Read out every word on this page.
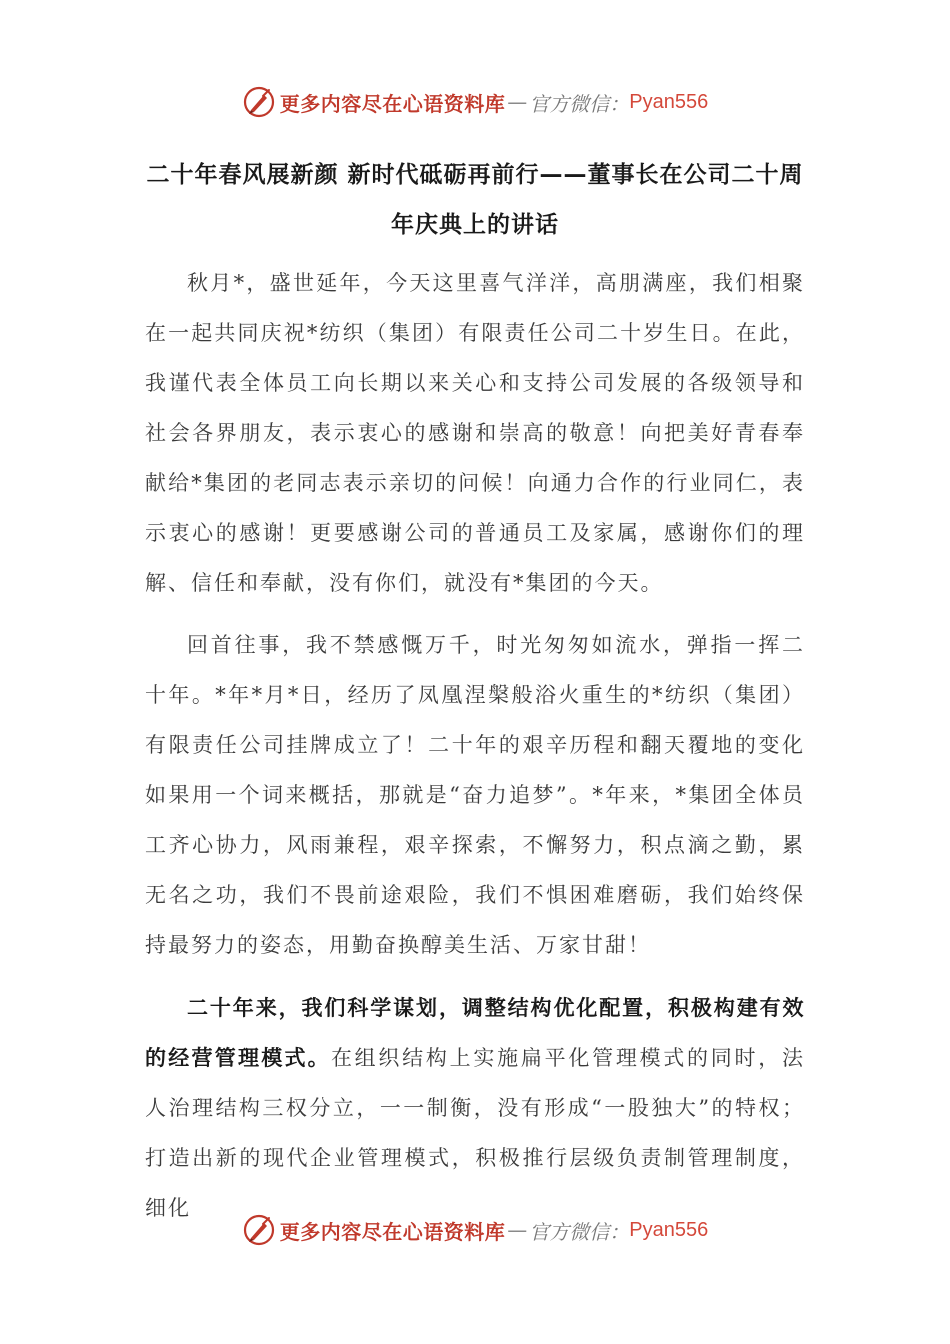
更多内容尽在心语资料库 — 官方微信： Pyan556
二十年春风展新颜 新时代砥砺再前行——董事长在公司二十周年庆典上的讲话

秋月*，盛世延年，今天这里喜气洋洋，高朋满座，我们相聚在一起共同庆祝*纺织（集团）有限责任公司二十岁生日。在此，我谨代表全体员工向长期以来关心和支持公司发展的各级领导和社会各界朋友，表示衷心的感谢和崇高的敬意！向把美好青春奉献给*集团的老同志表示亲切的问候！向通力合作的行业同仁，表示衷心的感谢！更要感谢公司的普通员工及家属，感谢你们的理解、信任和奉献，没有你们，就没有*集团的今天。

回首往事，我不禁感慨万千，时光匆匆如流水，弹指一挥二十年。*年*月*日，经历了凤凰涅槃般浴火重生的*纺织（集团）有限责任公司挂牌成立了！二十年的艰辛历程和翻天覆地的变化如果用一个词来概括，那就是“奋力追梦”。*年来，*集团全体员工齐心协力，风雨兼程，艰辛探索，不懈努力，积点滴之勤，累无名之功，我们不畏前途艰险，我们不惧困难磨砺，我们始终保持最努力的姿态，用勤奋换醇美生活、万家甘甜！

二十年来，我们科学谋划，调整结构优化配置，积极构建有效的经营管理模式。在组织结构上实施扁平化管理模式的同时，法人治理结构三权分立，一一制衡，没有形成“一股独大”的特权；打造出新的现代企业管理模式，积极推行层级负责制管理制度，细化

更多内容尽在心语资料库 — 官方微信： Pyan556
